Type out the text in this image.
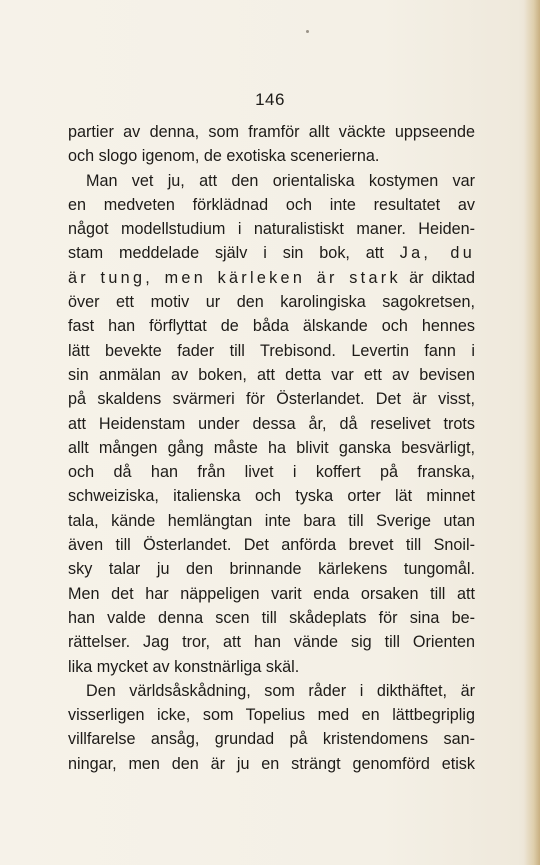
146
partier av denna, som framför allt väckte uppseende
och slogo igenom, de exotiska scenerierna.
Man vet ju, att den orientaliska kostymen var
en medveten förklädnad och inte resultatet av
något modellstudium i naturalistiskt maner. Heiden-
stam meddelade själv i sin bok, att Ja, du
är tung, men kärleken är stark är diktad
över ett motiv ur den karolingiska sagokretsen,
fast han förflyttat de båda älskande och hennes
lätt bevekte fader till Trebisond. Levertin fann i
sin anmälan av boken, att detta var ett av bevisen
på skaldens svärmeri för Österlandet. Det är visst,
att Heidenstam under dessa år, då reselivet trots
allt mången gång måste ha blivit ganska besvärligt,
och då han från livet i koffert på franska,
schweiziska, italienska och tyska orter lät minnet
tala, kände hemlängtan inte bara till Sverige utan
även till Österlandet. Det anförda brevet till Snoil-
sky talar ju den brinnande kärlekens tungomål.
Men det har näppeligen varit enda orsaken till att
han valde denna scen till skådeplats för sina be-
rättelser. Jag tror, att han vände sig till Orienten
lika mycket av konstnärliga skäl.
Den världsåskådning, som råder i dikthäftet, är
visserligen icke, som Topelius med en lättbegriplig
villfarelse ansåg, grundad på kristendomens san-
ningar, men den är ju en strängt genomförd etisk
